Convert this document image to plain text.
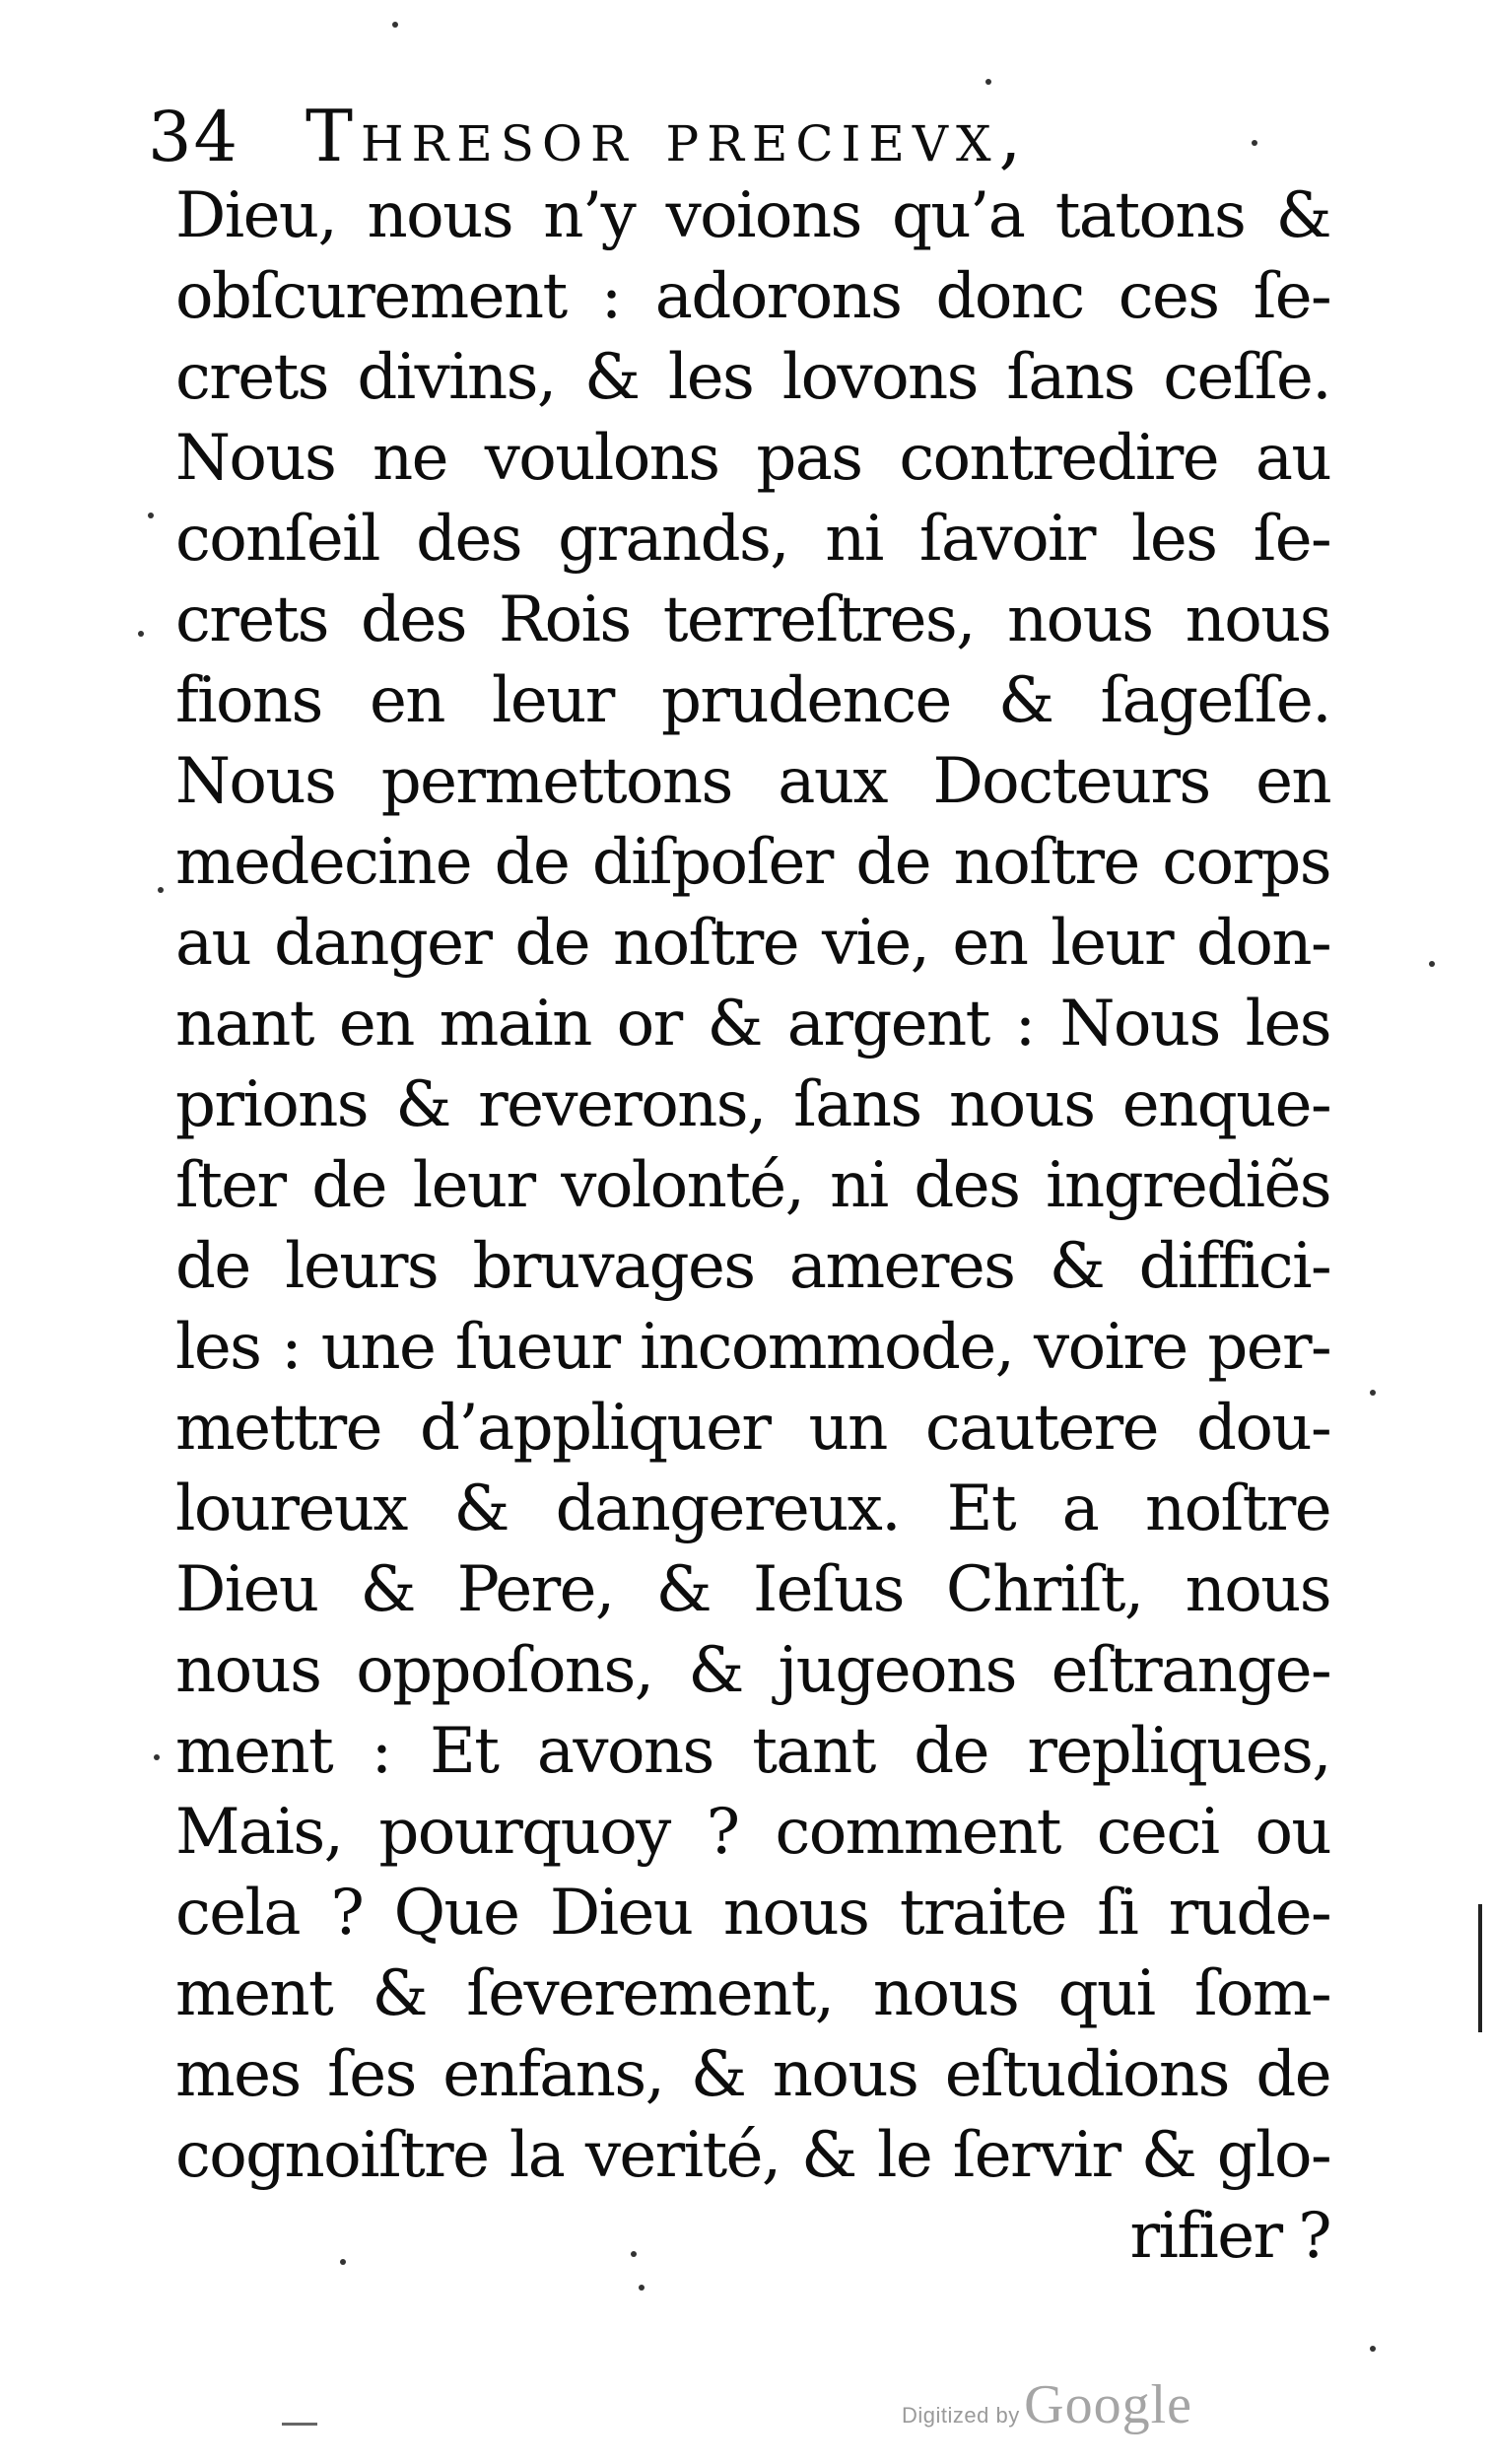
34 Thresor precievx,
Dieu, nous n’y voions qu’a tatons &
obſcurement : adorons donc ces ſe-
crets divins, & les lovons ſans ceſſe.
Nous ne voulons pas contredire au
conſeil des grands, ni ſavoir les ſe-
crets des Rois terreſtres, nous nous
fions en leur prudence & ſageſſe.
Nous permettons aux Docteurs en
medecine de diſpoſer de noſtre corps
au danger de noſtre vie, en leur don-
nant en main or & argent : Nous les
prions & reverons, ſans nous enque-
ſter de leur volonté, ni des ingrediẽs
de leurs bruvages ameres & diffici-
les : une ſueur incommode, voire per-
mettre d’appliquer un cautere dou-
loureux & dangereux. Et a noſtre
Dieu & Pere, & Ieſus Chriſt, nous
nous oppoſons, & jugeons eſtrange-
ment : Et avons tant de repliques,
Mais, pourquoy ? comment ceci ou
cela ? Que Dieu nous traite ſi rude-
ment & ſeverement, nous qui ſom-
mes ſes enfans, & nous eſtudions de
cognoiſtre la verité, & le ſervir & glo-
rifier ?
Digitized by Google
